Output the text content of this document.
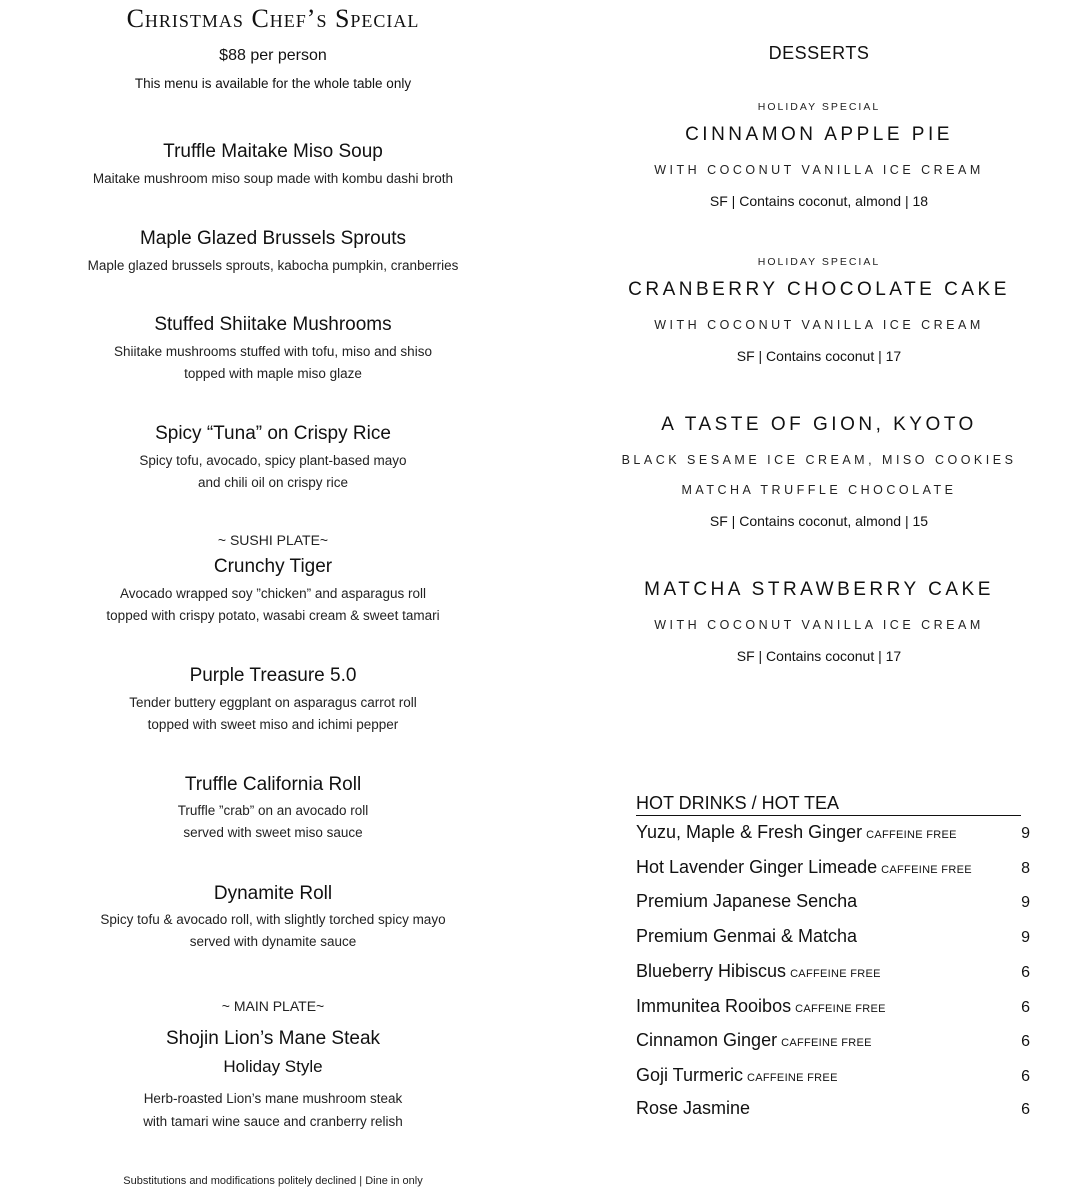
Christmas Chef’s Special
$88 per person
This menu is available for the whole table only
Truffle Maitake Miso Soup
Maitake mushroom miso soup made with kombu dashi broth
Maple Glazed Brussels Sprouts
Maple glazed brussels sprouts, kabocha pumpkin, cranberries
Stuffed Shiitake Mushrooms
Shiitake mushrooms stuffed with tofu, miso and shiso
topped with maple miso glaze
Spicy “Tuna” on Crispy Rice
Spicy tofu, avocado, spicy plant-based mayo
and chili oil on crispy rice
~ SUSHI PLATE~
Crunchy Tiger
Avocado wrapped soy ”chicken” and asparagus roll
topped with crispy potato, wasabi cream & sweet tamari
Purple Treasure 5.0
Tender buttery eggplant on asparagus carrot roll
topped with sweet miso and ichimi pepper
Truffle California Roll
Truffle ”crab” on an avocado roll
served with sweet miso sauce
Dynamite Roll
Spicy tofu & avocado roll, with slightly torched spicy mayo
served with dynamite sauce
~ MAIN PLATE~
Shojin Lion’s Mane Steak
Holiday Style
Herb-roasted Lion’s mane mushroom steak
with tamari wine sauce and cranberry relish
Substitutions and modifications politely declined | Dine in only
DESSERTS
HOLIDAY SPECIAL
CINNAMON APPLE PIE
WITH COCONUT VANILLA ICE CREAM
SF | Contains coconut, almond | 18
HOLIDAY SPECIAL
CRANBERRY CHOCOLATE CAKE
WITH COCONUT VANILLA ICE CREAM
SF | Contains coconut | 17
A TASTE OF GION, KYOTO
BLACK SESAME ICE CREAM, MISO COOKIES
MATCHA TRUFFLE CHOCOLATE
SF | Contains coconut, almond | 15
MATCHA STRAWBERRY CAKE
WITH COCONUT VANILLA ICE CREAM
SF | Contains coconut | 17
HOT DRINKS / HOT TEA
Yuzu, Maple & Fresh Ginger CAFFEINE FREE	9
Hot Lavender Ginger Limeade CAFFEINE FREE	8
Premium Japanese Sencha	9
Premium Genmai & Matcha	9
Blueberry Hibiscus CAFFEINE FREE	6
Immunitea Rooibos CAFFEINE FREE	6
Cinnamon Ginger CAFFEINE FREE	6
Goji Turmeric CAFFEINE FREE	6
Rose Jasmine	6
